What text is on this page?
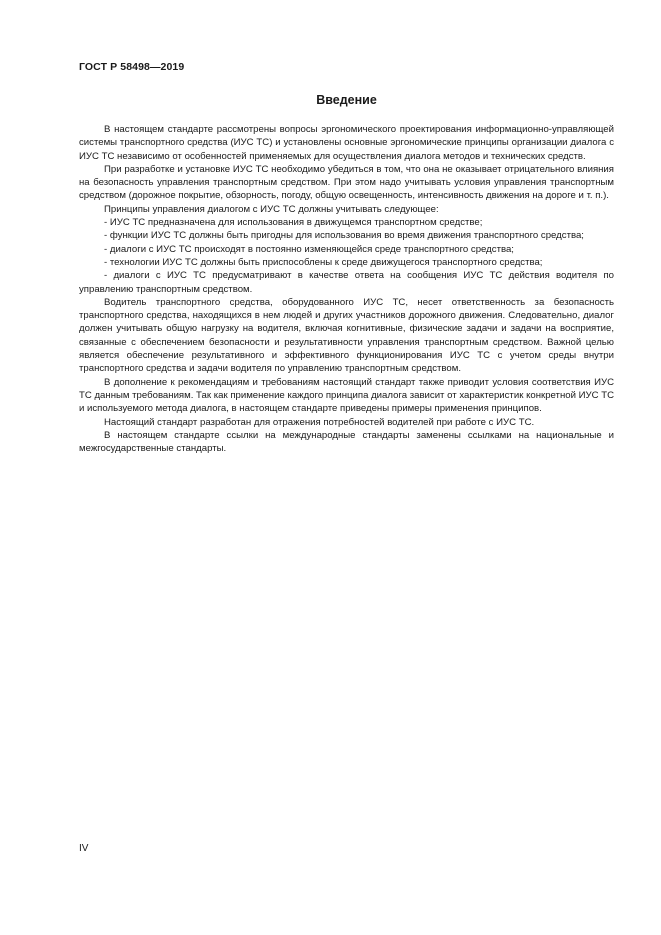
ГОСТ Р 58498—2019
Введение

В настоящем стандарте рассмотрены вопросы эргономического проектирования информационно-управляющей системы транспортного средства (ИУС ТС) и установлены основные эргономические принципы организации диалога с ИУС ТС независимо от особенностей применяемых для осуществления диалога методов и технических средств.

При разработке и установке ИУС ТС необходимо убедиться в том, что она не оказывает отрицательного влияния на безопасность управления транспортным средством. При этом надо учитывать условия управления транспортным средством (дорожное покрытие, обзорность, погоду, общую освещенность, интенсивность движения на дороге и т. п.).

Принципы управления диалогом с ИУС ТС должны учитывать следующее:

- ИУС ТС предназначена для использования в движущемся транспортном средстве;

- функции ИУС ТС должны быть пригодны для использования во время движения транспортного средства;

- диалоги с ИУС ТС происходят в постоянно изменяющейся среде транспортного средства;

- технологии ИУС ТС должны быть приспособлены к среде движущегося транспортного средства;

- диалоги с ИУС ТС предусматривают в качестве ответа на сообщения ИУС ТС действия водителя по управлению транспортным средством.

Водитель транспортного средства, оборудованного ИУС ТС, несет ответственность за безопасность транспортного средства, находящихся в нем людей и других участников дорожного движения. Следовательно, диалог должен учитывать общую нагрузку на водителя, включая когнитивные, физические задачи и задачи на восприятие, связанные с обеспечением безопасности и результативности управления транспортным средством. Важной целью является обеспечение результативного и эффективного функционирования ИУС ТС с учетом среды внутри транспортного средства и задачи водителя по управлению транспортным средством.

В дополнение к рекомендациям и требованиям настоящий стандарт также приводит условия соответствия ИУС ТС данным требованиям. Так как применение каждого принципа диалога зависит от характеристик конкретной ИУС ТС и используемого метода диалога, в настоящем стандарте приведены примеры применения принципов.

Настоящий стандарт разработан для отражения потребностей водителей при работе с ИУС ТС.

В настоящем стандарте ссылки на международные стандарты заменены ссылками на национальные и межгосударственные стандарты.

IV
